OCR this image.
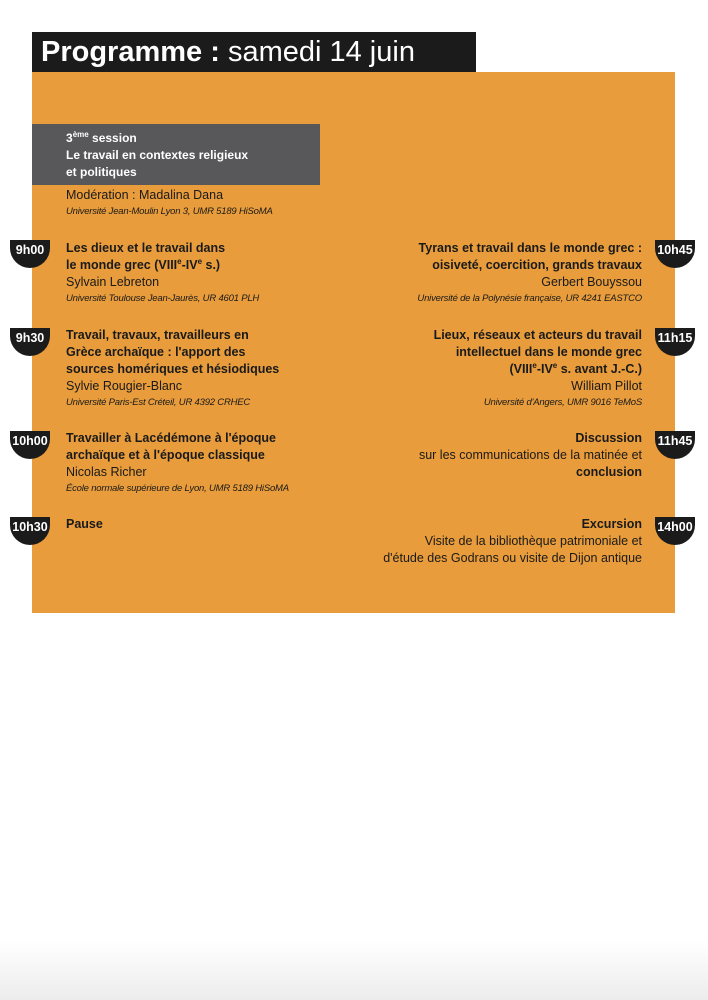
Programme : samedi 14 juin
3ème session
Le travail en contextes religieux
et politiques
Modération : Madalina Dana
Université Jean-Moulin Lyon 3, UMR 5189 HiSoMA
9h00	Les dieux et le travail dans
le monde grec (VIIIe-IVe s.)
Sylvain Lebreton
Université Toulouse Jean-Jaurès, UR 4601 PLH
9h30	Travail, travaux, travailleurs en
Grèce archaïque : l'apport des
sources homériques et hésiodiques
Sylvie Rougier-Blanc
Université Paris-Est Créteil, UR 4392 CRHEC
10h00 Travailler à Lacédémone à l'époque
archaïque et à l'époque classique
Nicolas Richer
École normale supérieure de Lyon, UMR 5189 HiSoMA
10h30 Pause
10h45
Tyrans et travail dans le monde grec :
oisiveté, coercition, grands travaux
Gerbert Bouyssou
Université de la Polynésie française, UR 4241 EASTCO
11h15
Lieux, réseaux et acteurs du travail
intellectuel dans le monde grec
(VIIIe-IVe s. avant J.-C.)
William Pillot
Université d'Angers, UMR 9016 TeMoS
11h45
Discussion
sur les communications de la matinée et
conclusion
14h00
Excursion
Visite de la bibliothèque patrimoniale et
d'étude des Godrans ou visite de Dijon antique
